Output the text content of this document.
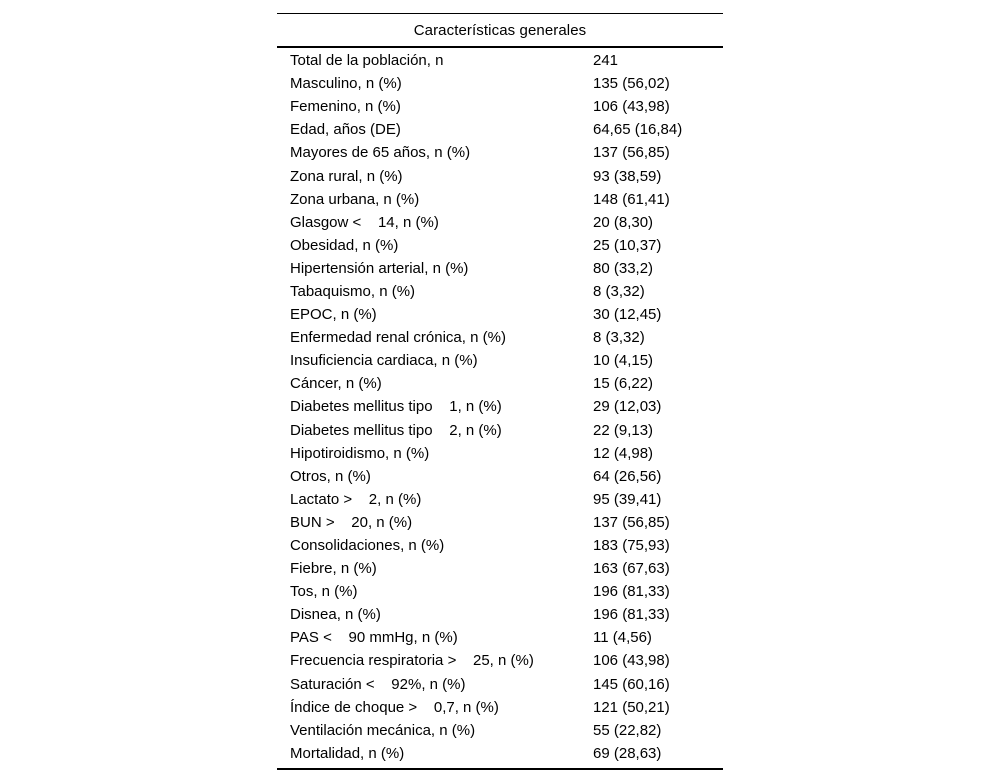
Características generales
Total de la población, n	241
Masculino, n (%)	135 (56,02)
Femenino, n (%)	106 (43,98)
Edad, años (DE)	64,65 (16,84)
Mayores de 65 años, n (%)	137 (56,85)
Zona rural, n (%)	93 (38,59)
Zona urbana, n (%)	148 (61,41)
Glasgow <    14, n (%)	20 (8,30)
Obesidad, n (%)	25 (10,37)
Hipertensión arterial, n (%)	80 (33,2)
Tabaquismo, n (%)	8 (3,32)
EPOC, n (%)	30 (12,45)
Enfermedad renal crónica, n (%)	8 (3,32)
Insuficiencia cardiaca, n (%)	10 (4,15)
Cáncer, n (%)	15 (6,22)
Diabetes mellitus tipo    1, n (%)	29 (12,03)
Diabetes mellitus tipo    2, n (%)	22 (9,13)
Hipotiroidismo, n (%)	12 (4,98)
Otros, n (%)	64 (26,56)
Lactato >    2, n (%)	95 (39,41)
BUN >    20, n (%)	137 (56,85)
Consolidaciones, n (%)	183 (75,93)
Fiebre, n (%)	163 (67,63)
Tos, n (%)	196 (81,33)
Disnea, n (%)	196 (81,33)
PAS <    90 mmHg, n (%)	11 (4,56)
Frecuencia respiratoria >    25, n (%)	106 (43,98)
Saturación <    92%, n (%)	145 (60,16)
Índice de choque >    0,7, n (%)	121 (50,21)
Ventilación mecánica, n (%)	55 (22,82)
Mortalidad, n (%)	69 (28,63)
